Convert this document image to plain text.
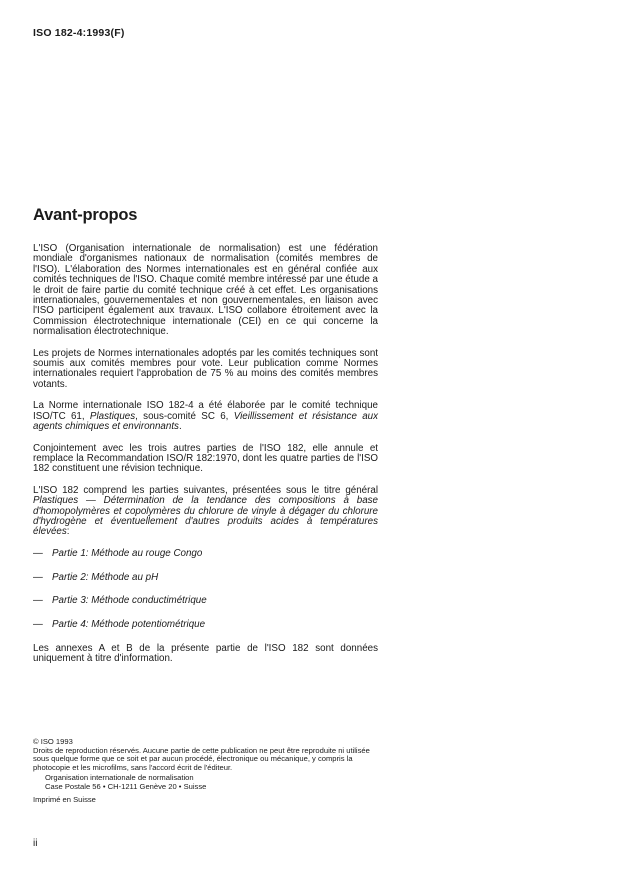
ISO 182-4:1993(F)
Avant-propos

L'ISO (Organisation internationale de normalisation) est une fédération mondiale d'organismes nationaux de normalisation (comités membres de l'ISO). L'élaboration des Normes internationales est en général confiée aux comités techniques de l'ISO. Chaque comité membre intéressé par une étude a le droit de faire partie du comité technique créé à cet effet. Les organisations internationales, gouvernementales et non gouvernementales, en liaison avec l'ISO participent également aux travaux. L'ISO collabore étroitement avec la Commission électrotechnique internationale (CEI) en ce qui concerne la normalisation électrotechnique.

Les projets de Normes internationales adoptés par les comités techniques sont soumis aux comités membres pour vote. Leur publication comme Normes internationales requiert l'approbation de 75 % au moins des comités membres votants.

La Norme internationale ISO 182-4 a été élaborée par le comité technique ISO/TC 61, Plastiques, sous-comité SC 6, Vieillissement et résistance aux agents chimiques et environnants.

Conjointement avec les trois autres parties de l'ISO 182, elle annule et remplace la Recommandation ISO/R 182:1970, dont les quatre parties de l'ISO 182 constituent une révision technique.

L'ISO 182 comprend les parties suivantes, présentées sous le titre général Plastiques — Détermination de la tendance des compositions à base d'homopolymères et copolymères du chlorure de vinyle à dégager du chlorure d'hydrogène et éventuellement d'autres produits acides à températures élevées:

— Partie 1: Méthode au rouge Congo
— Partie 2: Méthode au pH
— Partie 3: Méthode conductimétrique
— Partie 4: Méthode potentiométrique

Les annexes A et B de la présente partie de l'ISO 182 sont données uniquement à titre d'information.

© ISO 1993

Droits de reproduction réservés. Aucune partie de cette publication ne peut être reproduite ni utilisée sous quelque forme que ce soit et par aucun procédé, électronique ou mécanique, y compris la photocopie et les microfilms, sans l'accord écrit de l'éditeur.

Organisation internationale de normalisation

Case Postale 56 • CH-1211 Genève 20 • Suisse

Imprimé en Suisse

ii
